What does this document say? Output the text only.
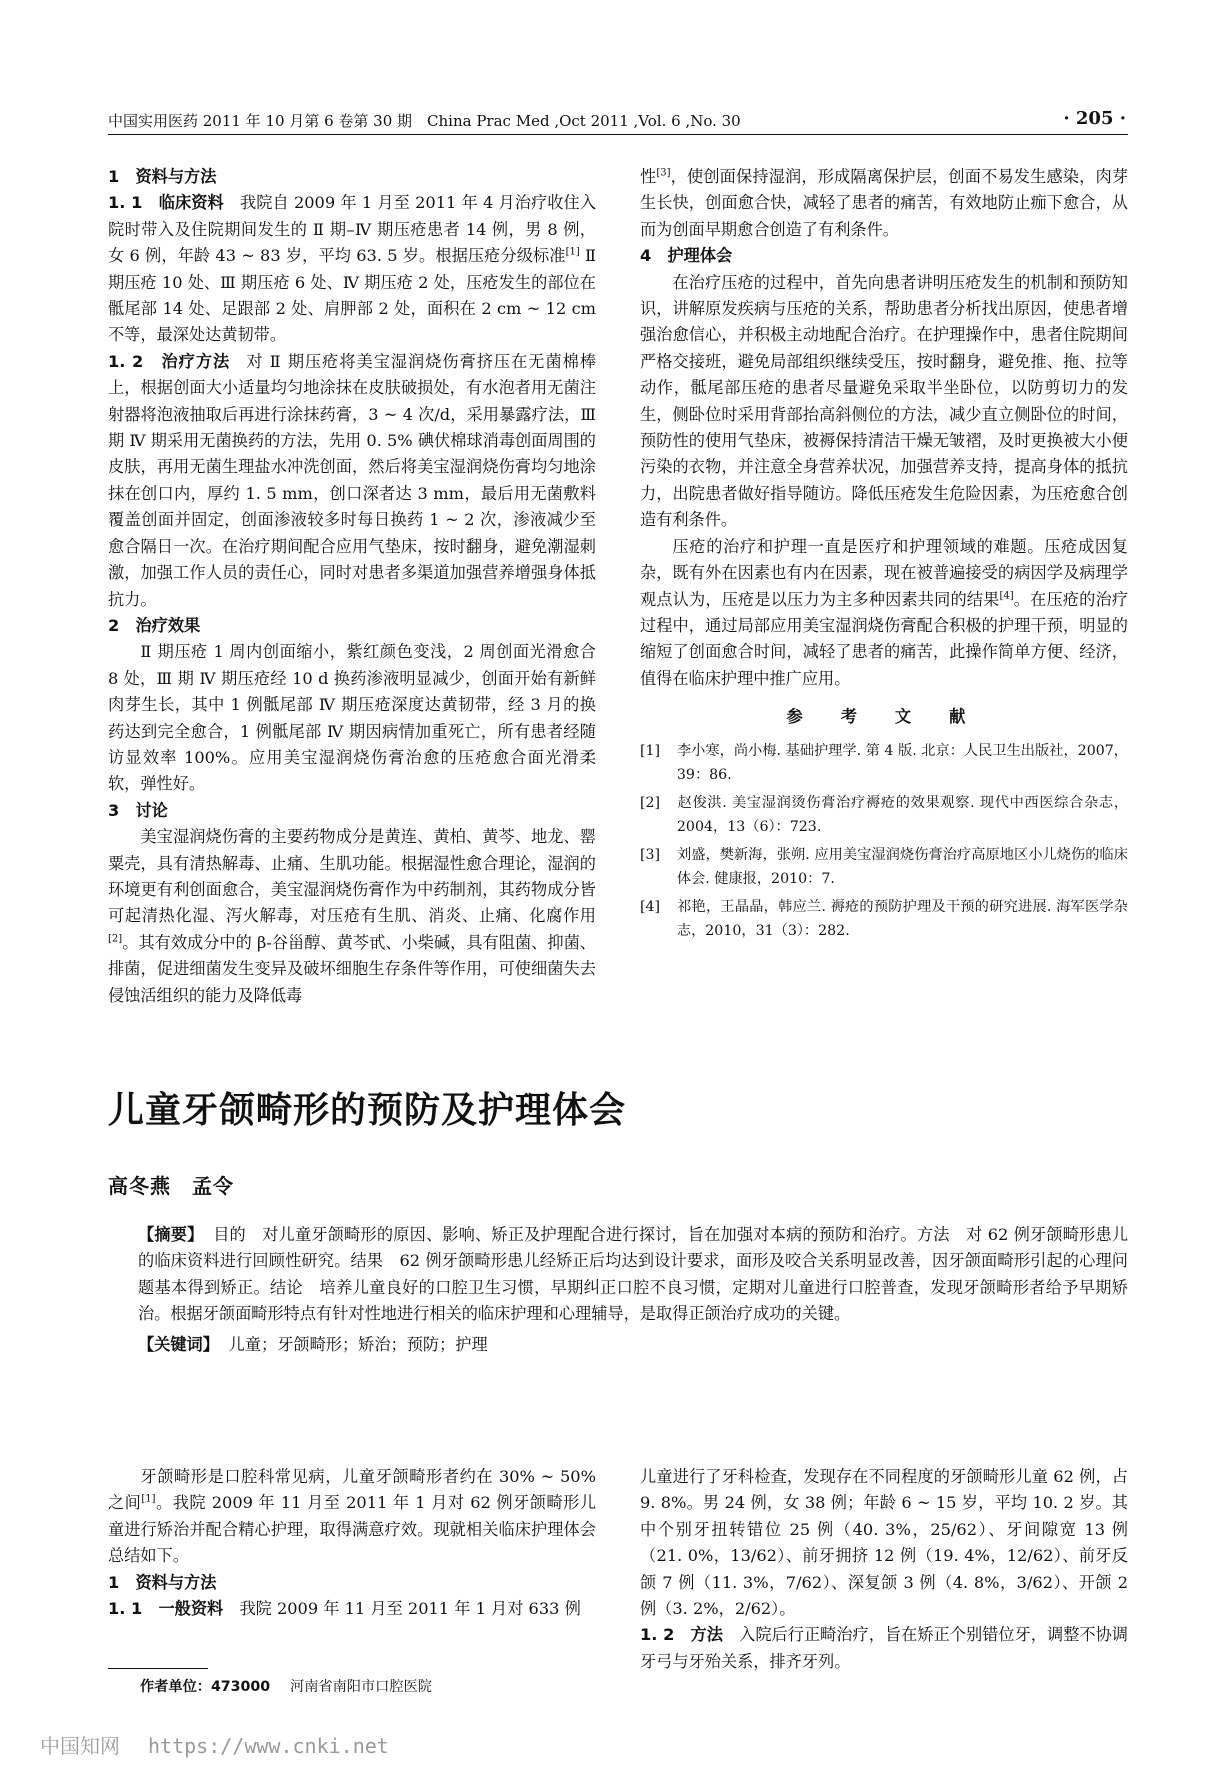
中国实用医药 2011 年 10 月第 6 卷第 30 期　China Prac Med ,Oct 2011 ,Vol. 6 ,No. 30	· 205 ·

1　资料与方法

1. 1　临床资料 我院自 2009 年 1 月至 2011 年 4 月治疗收住入院时带入及住院期间发生的 Ⅱ 期–Ⅳ 期压疮患者 14 例，男 8 例，女 6 例，年龄 43 ~ 83 岁，平均 63. 5 岁。根据压疮分级标准[1] Ⅱ 期压疮 10 处、Ⅲ 期压疮 6 处、Ⅳ 期压疮 2 处，压疮发生的部位在骶尾部 14 处、足跟部 2 处、肩胛部 2 处，面积在 2 cm ~ 12 cm 不等，最深处达黄韧带。

1. 2　治疗方法 对 Ⅱ 期压疮将美宝湿润烧伤膏挤压在无菌棉棒上，根据创面大小适量均匀地涂抹在皮肤破损处，有水泡者用无菌注射器将泡液抽取后再进行涂抹药膏，3 ~ 4 次/d，采用暴露疗法，Ⅲ 期 Ⅳ 期采用无菌换药的方法，先用 0. 5% 碘伏棉球消毒创面周围的皮肤，再用无菌生理盐水冲洗创面，然后将美宝湿润烧伤膏均匀地涂抹在创口内，厚约 1. 5 mm，创口深者达 3 mm，最后用无菌敷料覆盖创面并固定，创面渗液较多时每日换药 1 ~ 2 次，渗液减少至愈合隔日一次。在治疗期间配合应用气垫床，按时翻身，避免潮湿刺激，加强工作人员的责任心，同时对患者多渠道加强营养增强身体抵抗力。

2　治疗效果

Ⅱ 期压疮 1 周内创面缩小，紫红颜色变浅，2 周创面光滑愈合 8 处，Ⅲ 期 Ⅳ 期压疮经 10 d 换药渗液明显减少，创面开始有新鲜肉芽生长，其中 1 例骶尾部 Ⅳ 期压疮深度达黄韧带，经 3 月的换药达到完全愈合，1 例骶尾部 Ⅳ 期因病情加重死亡，所有患者经随访显效率 100%。应用美宝湿润烧伤膏治愈的压疮愈合面光滑柔软，弹性好。

3　讨论

美宝湿润烧伤膏的主要药物成分是黄连、黄柏、黄芩、地龙、罂粟壳，具有清热解毒、止痛、生肌功能。根据湿性愈合理论，湿润的环境更有利创面愈合，美宝湿润烧伤膏作为中药制剂，其药物成分皆可起清热化湿、泻火解毒，对压疮有生肌、消炎、止痛、化腐作用[2]。其有效成分中的 β-谷甾醇、黄芩甙、小柴碱，具有阻菌、抑菌、排菌，促进细菌发生变异及破坏细胞生存条件等作用，可使细菌失去侵蚀活组织的能力及降低毒

性[3]，使创面保持湿润，形成隔离保护层，创面不易发生感染，肉芽生长快，创面愈合快，减轻了患者的痛苦，有效地防止痂下愈合，从而为创面早期愈合创造了有利条件。

4　护理体会

在治疗压疮的过程中，首先向患者讲明压疮发生的机制和预防知识，讲解原发疾病与压疮的关系，帮助患者分析找出原因，使患者增强治愈信心，并积极主动地配合治疗。在护理操作中，患者住院期间严格交接班，避免局部组织继续受压，按时翻身，避免推、拖、拉等动作，骶尾部压疮的患者尽量避免采取半坐卧位，以防剪切力的发生，侧卧位时采用背部抬高斜侧位的方法，减少直立侧卧位的时间，预防性的使用气垫床，被褥保持清洁干燥无皱褶，及时更换被大小便污染的衣物，并注意全身营养状况，加强营养支持，提高身体的抵抗力，出院患者做好指导随访。降低压疮发生危险因素，为压疮愈合创造有利条件。

压疮的治疗和护理一直是医疗和护理领域的难题。压疮成因复杂，既有外在因素也有内在因素，现在被普遍接受的病因学及病理学观点认为，压疮是以压力为主多种因素共同的结果[4]。在压疮的治疗过程中，通过局部应用美宝湿润烧伤膏配合积极的护理干预，明显的缩短了创面愈合时间，减轻了患者的痛苦，此操作简单方便、经济，值得在临床护理中推广应用。

参 考 文 献

[1] 李小寒，尚小梅. 基础护理学. 第 4 版. 北京：人民卫生出版社，2007，39：86.

[2] 赵俊洪. 美宝湿润烫伤膏治疗褥疮的效果观察. 现代中西医综合杂志，2004，13（6）：723.

[3] 刘盛，樊新海，张朔. 应用美宝湿润烧伤膏治疗高原地区小儿烧伤的临床体会. 健康报，2010：7.

[4] 祁艳，王晶晶，韩应兰. 褥疮的预防护理及干预的研究进展. 海军医学杂志，2010，31（3）：282.

儿童牙颌畸形的预防及护理体会
高冬燕　孟令

【摘要】 目的　对儿童牙颌畸形的原因、影响、矫正及护理配合进行探讨，旨在加强对本病的预防和治疗。方法　对 62 例牙颌畸形患儿的临床资料进行回顾性研究。结果　62 例牙颌畸形患儿经矫正后均达到设计要求，面形及咬合关系明显改善，因牙颌面畸形引起的心理问题基本得到矫正。结论　培养儿童良好的口腔卫生习惯，早期纠正口腔不良习惯，定期对儿童进行口腔普查，发现牙颌畸形者给予早期矫治。根据牙颌面畸形特点有针对性地进行相关的临床护理和心理辅导，是取得正颌治疗成功的关键。

【关键词】 儿童；牙颌畸形；矫治；预防；护理

牙颌畸形是口腔科常见病，儿童牙颌畸形者约在 30% ~ 50% 之间[1]。我院 2009 年 11 月至 2011 年 1 月对 62 例牙颌畸形儿童进行矫治并配合精心护理，取得满意疗效。现就相关临床护理体会总结如下。

1　资料与方法

1. 1　一般资料 我院 2009 年 11 月至 2011 年 1 月对 633 例

儿童进行了牙科检查，发现存在不同程度的牙颌畸形儿童 62 例，占 9. 8%。男 24 例，女 38 例；年龄 6 ~ 15 岁，平均 10. 2 岁。其中个别牙扭转错位 25 例（40. 3%，25/62）、牙间隙宽 13 例（21. 0%，13/62）、前牙拥挤 12 例（19. 4%，12/62）、前牙反颌 7 例（11. 3%，7/62）、深复颌 3 例（4. 8%，3/62）、开颌 2 例（3. 2%，2/62）。

1. 2　方法 入院后行正畸治疗，旨在矫正个别错位牙，调整不协调牙弓与牙殆关系，排齐牙列。

作者单位：473000 河南省南阳市口腔医院
中国知网 https://www.cnki.net
